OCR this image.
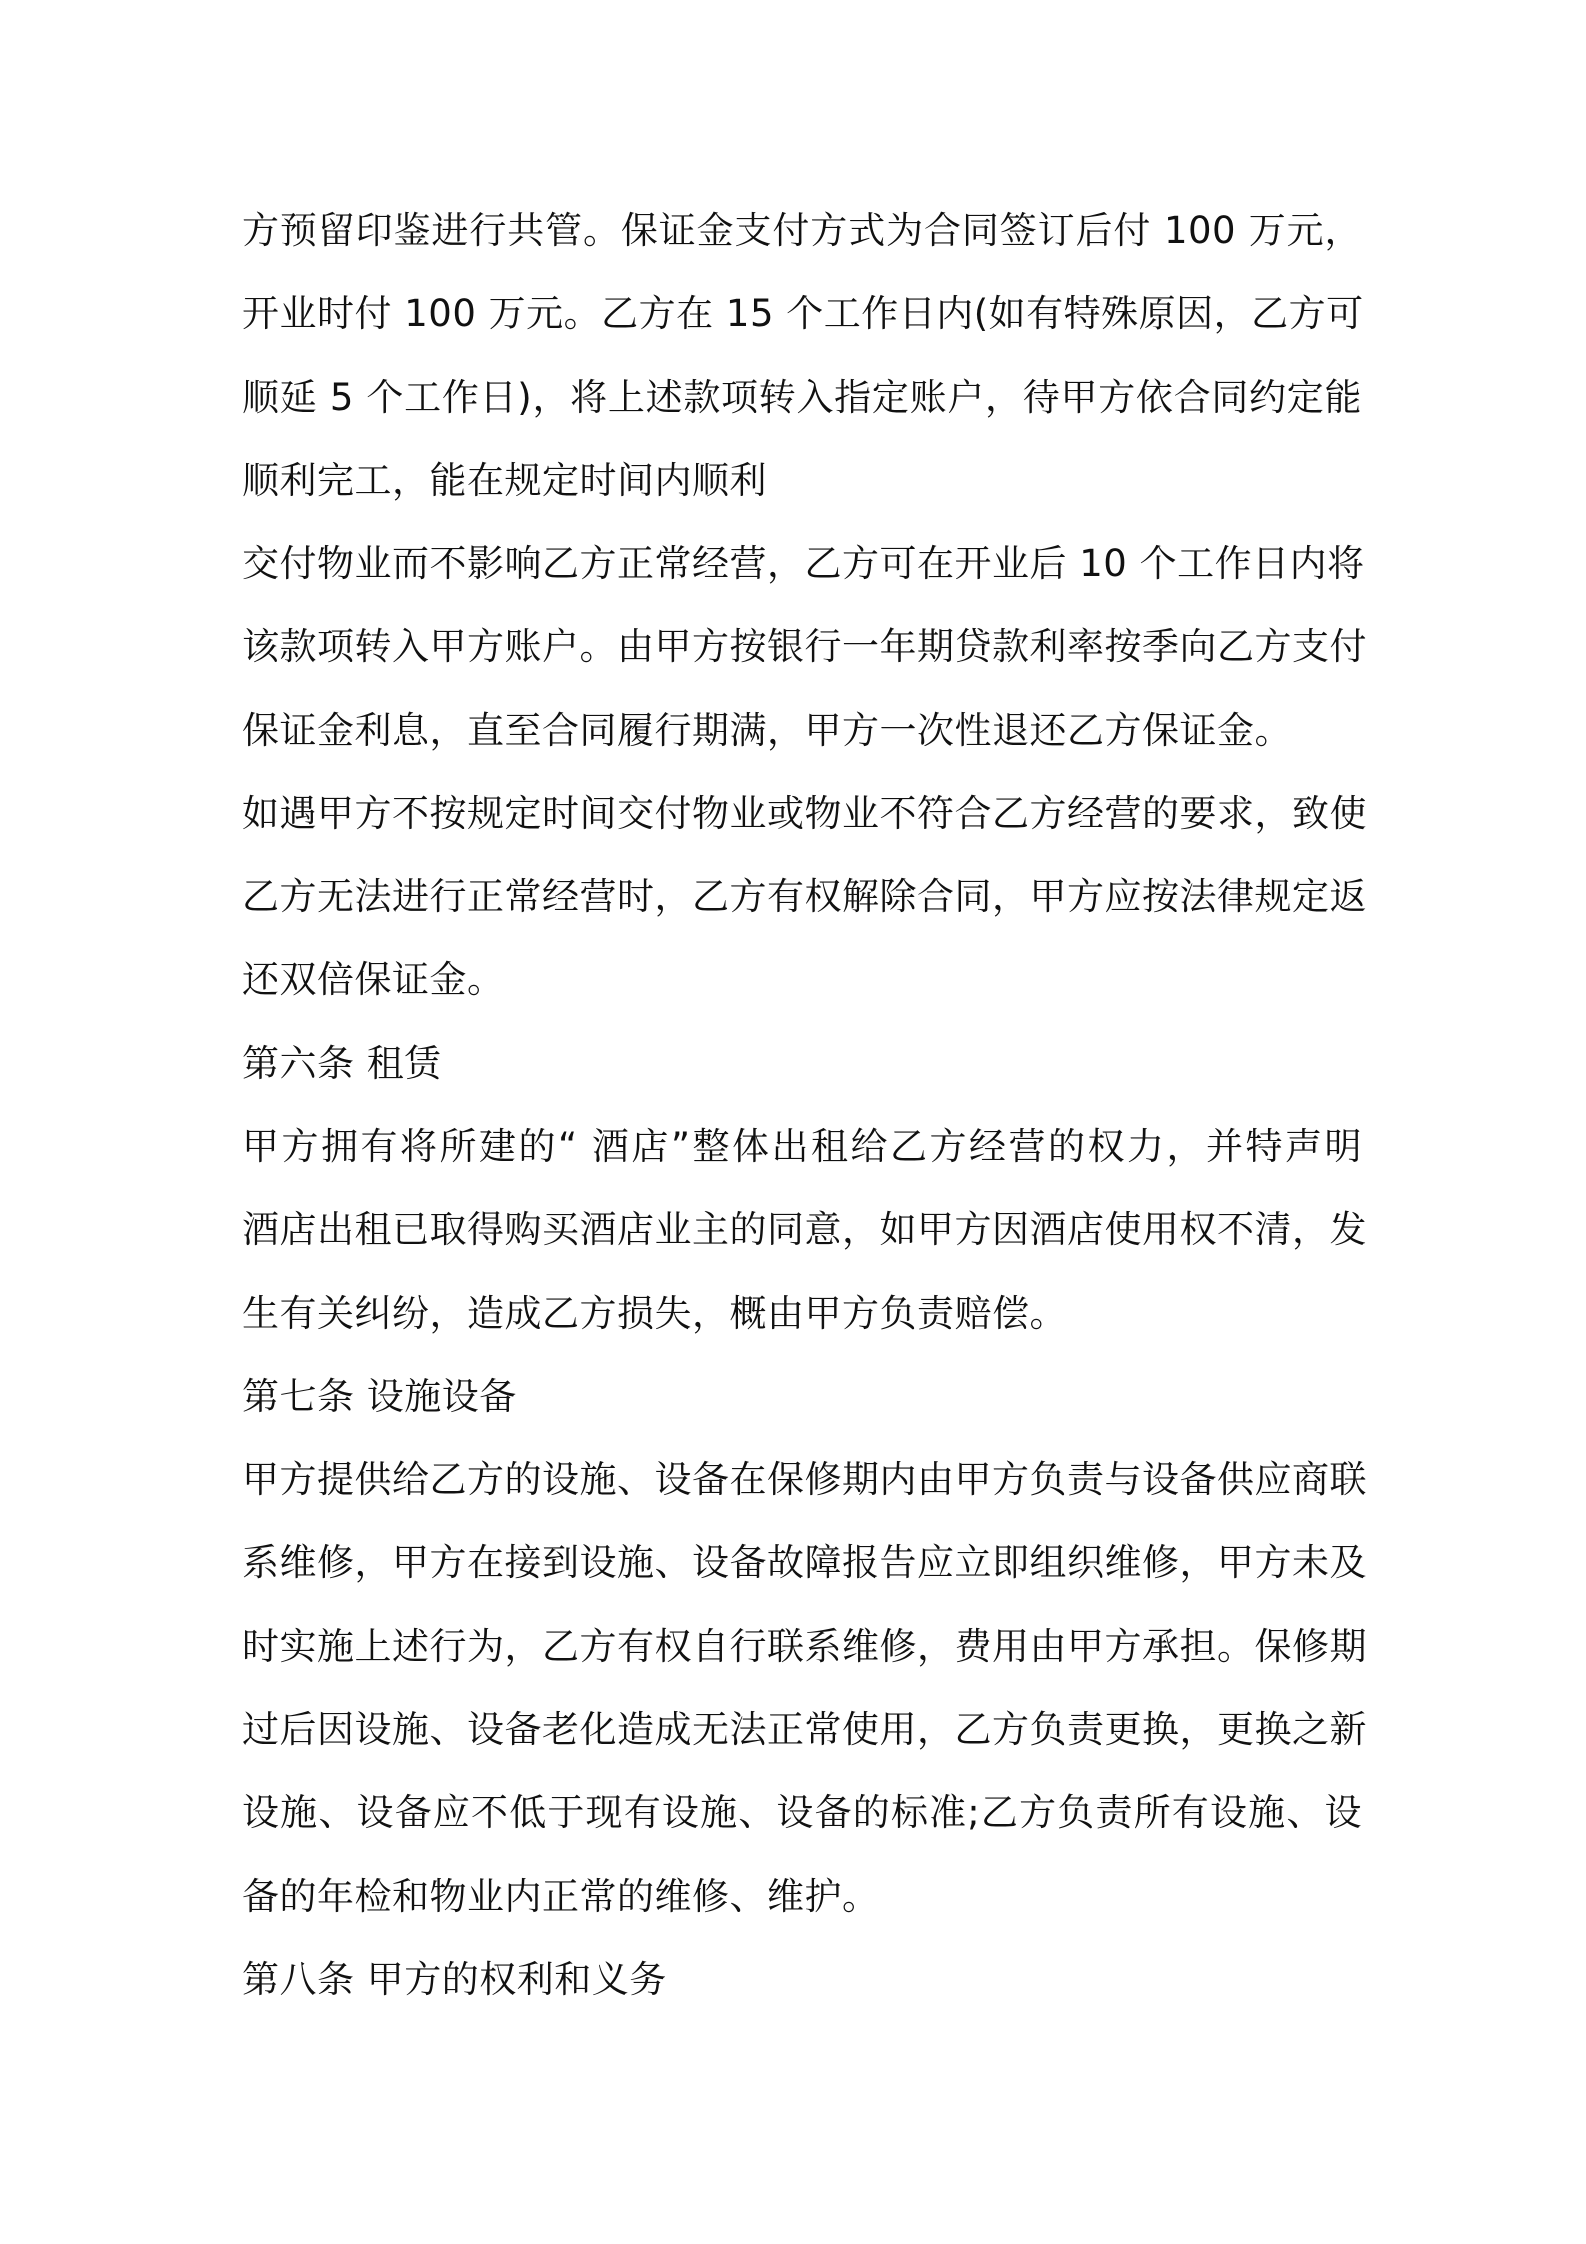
方预留印鉴进行共管。保证金支付方式为合同签订后付 100 万元，
开业时付 100 万元。乙方在 15 个工作日内(如有特殊原因，乙方可
顺延 5 个工作日)，将上述款项转入指定账户，待甲方依合同约定能
顺利完工，能在规定时间内顺利
交付物业而不影响乙方正常经营，乙方可在开业后 10 个工作日内将
该款项转入甲方账户。由甲方按银行一年期贷款利率按季向乙方支付
保证金利息，直至合同履行期满，甲方一次性退还乙方保证金。
如遇甲方不按规定时间交付物业或物业不符合乙方经营的要求，致使
乙方无法进行正常经营时，乙方有权解除合同，甲方应按法律规定返
还双倍保证金。
第六条 租赁
甲方拥有将所建的“ 酒店”整体出租给乙方经营的权力，并特声明
酒店出租已取得购买酒店业主的同意，如甲方因酒店使用权不清，发
生有关纠纷，造成乙方损失，概由甲方负责赔偿。
第七条 设施设备
甲方提供给乙方的设施、设备在保修期内由甲方负责与设备供应商联
系维修，甲方在接到设施、设备故障报告应立即组织维修，甲方未及
时实施上述行为，乙方有权自行联系维修，费用由甲方承担。保修期
过后因设施、设备老化造成无法正常使用，乙方负责更换，更换之新
设施、设备应不低于现有设施、设备的标准;乙方负责所有设施、设
备的年检和物业内正常的维修、维护。
第八条 甲方的权利和义务
